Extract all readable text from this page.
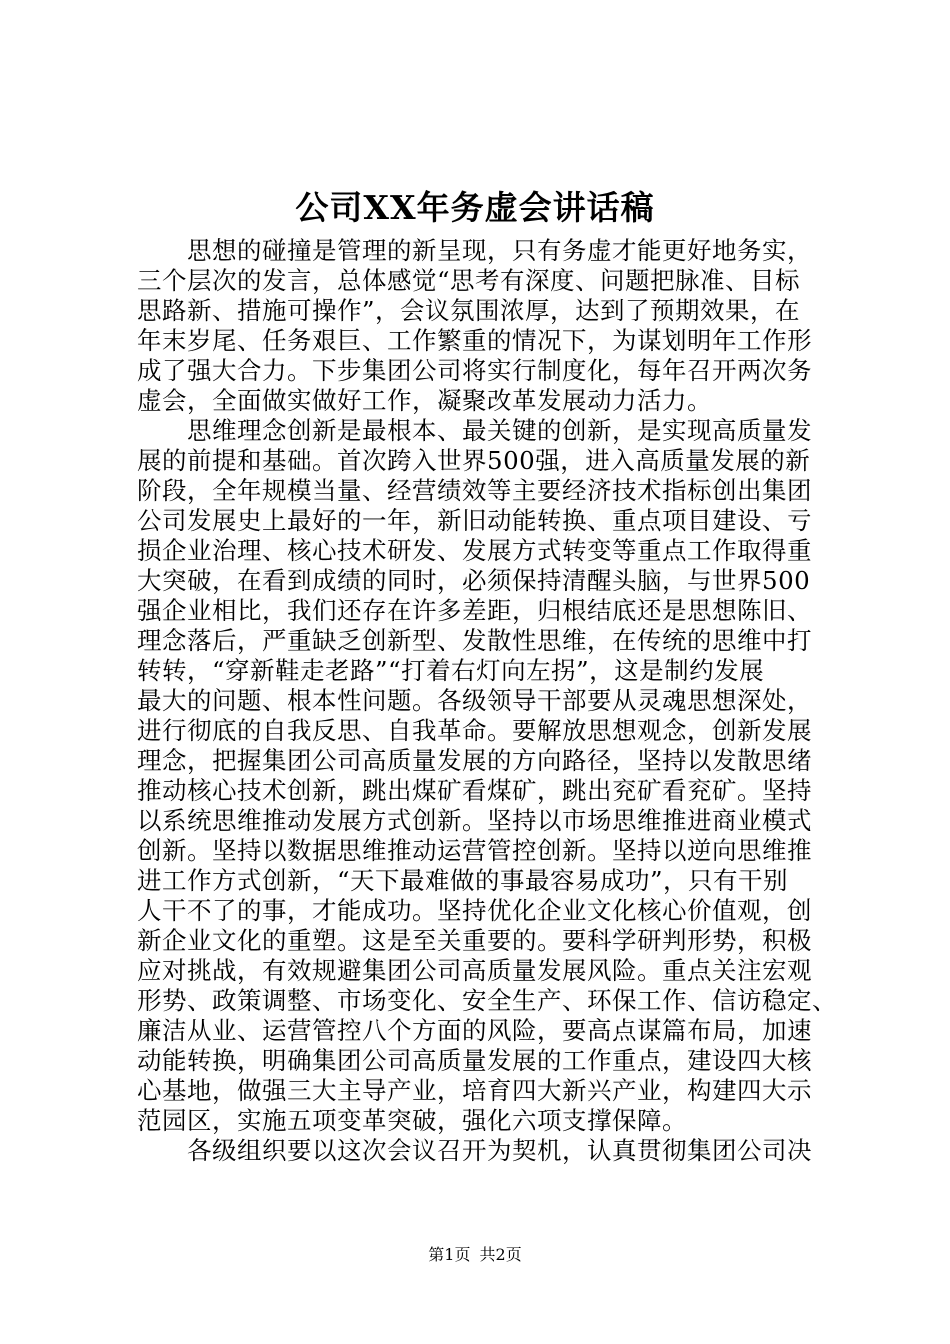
公司XX年务虚会讲话稿
　　思想的碰撞是管理的新呈现，只有务虚才能更好地务实，
三个层次的发言，总体感觉“思考有深度、问题把脉准、目标
思路新、措施可操作”，会议氛围浓厚，达到了预期效果，在
年末岁尾、任务艰巨、工作繁重的情况下，为谋划明年工作形
成了强大合力。下步集团公司将实行制度化，每年召开两次务
虚会，全面做实做好工作，凝聚改革发展动力活力。
　　思维理念创新是最根本、最关键的创新，是实现高质量发
展的前提和基础。首次跨入世界500强，进入高质量发展的新
阶段，全年规模当量、经营绩效等主要经济技术指标创出集团
公司发展史上最好的一年，新旧动能转换、重点项目建设、亏
损企业治理、核心技术研发、发展方式转变等重点工作取得重
大突破，在看到成绩的同时，必须保持清醒头脑，与世界500
强企业相比，我们还存在许多差距，归根结底还是思想陈旧、
理念落后，严重缺乏创新型、发散性思维，在传统的思维中打
转转，“穿新鞋走老路”“打着右灯向左拐”，这是制约发展
最大的问题、根本性问题。各级领导干部要从灵魂思想深处，
进行彻底的自我反思、自我革命。要解放思想观念，创新发展
理念，把握集团公司高质量发展的方向路径，坚持以发散思绪
推动核心技术创新，跳出煤矿看煤矿，跳出兖矿看兖矿。坚持
以系统思维推动发展方式创新。坚持以市场思维推进商业模式
创新。坚持以数据思维推动运营管控创新。坚持以逆向思维推
进工作方式创新，“天下最难做的事最容易成功”，只有干别
人干不了的事，才能成功。坚持优化企业文化核心价值观，创
新企业文化的重塑。这是至关重要的。要科学研判形势，积极
应对挑战，有效规避集团公司高质量发展风险。重点关注宏观
形势、政策调整、市场变化、安全生产、环保工作、信访稳定、
廉洁从业、运营管控八个方面的风险，要高点谋篇布局，加速
动能转换，明确集团公司高质量发展的工作重点，建设四大核
心基地，做强三大主导产业，培育四大新兴产业，构建四大示
范园区，实施五项变革突破，强化六项支撑保障。
　　各级组织要以这次会议召开为契机，认真贯彻集团公司决
第1页 共2页
